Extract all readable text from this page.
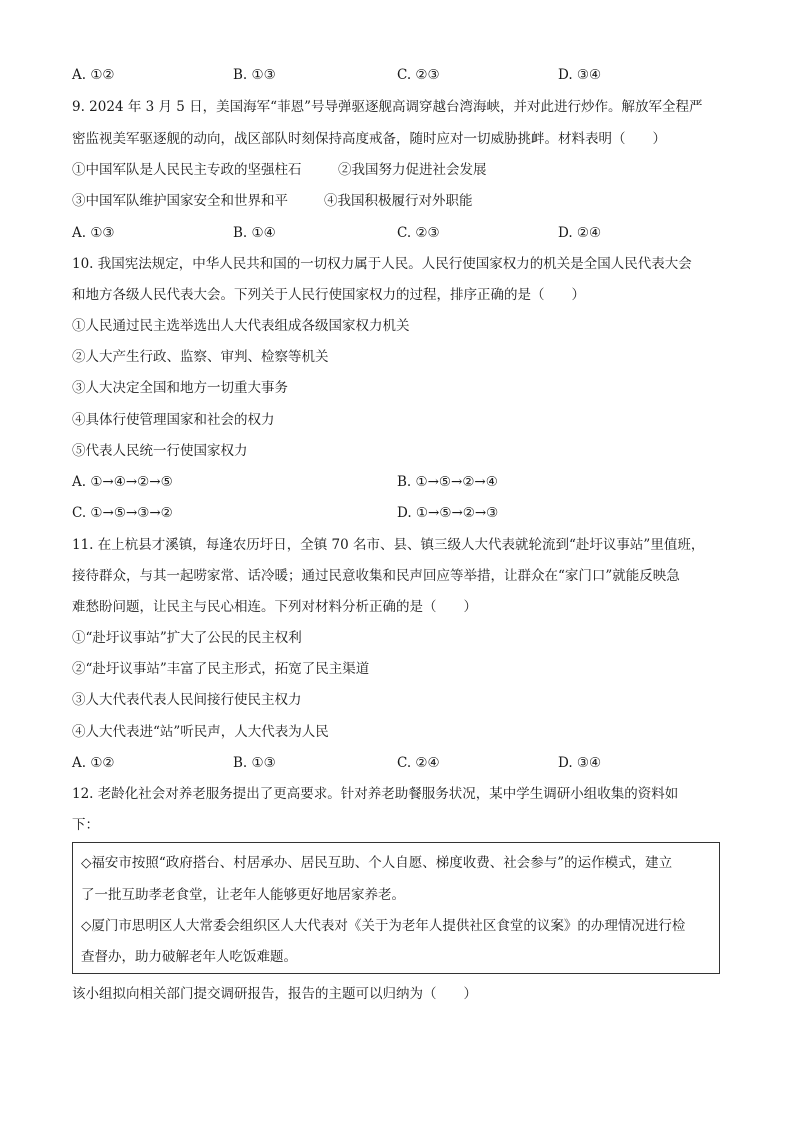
A. ①②	B. ①③	C. ②③	D. ③④
9. 2024 年 3 月 5 日，美国海军“菲恩”号导弹驱逐舰高调穿越台湾海峡，并对此进行炒作。解放军全程严
密监视美军驱逐舰的动向，战区部队时刻保持高度戒备，随时应对一切威胁挑衅。材料表明（　　）
①中国军队是人民民主专政的坚强柱石	②我国努力促进社会发展
③中国军队维护国家安全和世界和平	④我国积极履行对外职能
A. ①③	B. ①④	C. ②③	D. ②④
10. 我国宪法规定，中华人民共和国的一切权力属于人民。人民行使国家权力的机关是全国人民代表大会
和地方各级人民代表大会。下列关于人民行使国家权力的过程，排序正确的是（　　）
①人民通过民主选举选出人大代表组成各级国家权力机关
②人大产生行政、监察、审判、检察等机关
③人大决定全国和地方一切重大事务
④具体行使管理国家和社会的权力
⑤代表人民统一行使国家权力
A. ①→④→②→⑤	B. ①→⑤→②→④
C. ①→⑤→③→②	D. ①→⑤→②→③
11. 在上杭县才溪镇，每逢农历圩日，全镇 70 名市、县、镇三级人大代表就轮流到“赴圩议事站”里值班，
接待群众，与其一起唠家常、话冷暖；通过民意收集和民声回应等举措，让群众在“家门口”就能反映急
难愁盼问题，让民主与民心相连。下列对材料分析正确的是（　　）
①“赴圩议事站”扩大了公民的民主权利
②“赴圩议事站”丰富了民主形式，拓宽了民主渠道
③人大代表代表人民间接行使民主权力
④人大代表进“站”听民声，人大代表为人民
A. ①②	B. ①③	C. ②④	D. ③④
12. 老龄化社会对养老服务提出了更高要求。针对养老助餐服务状况，某中学生调研小组收集的资料如
下：
◇福安市按照“政府搭台、村居承办、居民互助、个人自愿、梯度收费、社会参与”的运作模式，建立
了一批互助孝老食堂，让老年人能够更好地居家养老。
◇厦门市思明区人大常委会组织区人大代表对《关于为老年人提供社区食堂的议案》的办理情况进行检
查督办，助力破解老年人吃饭难题。
该小组拟向相关部门提交调研报告，报告的主题可以归纳为（　　）
